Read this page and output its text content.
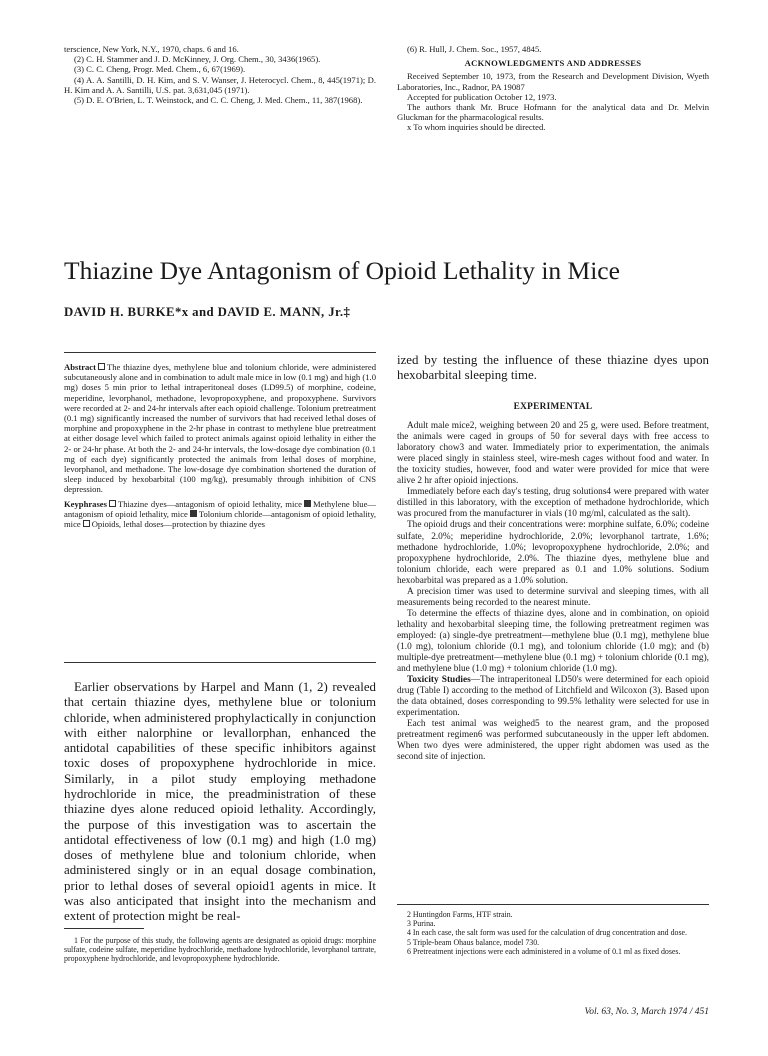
terscience, New York, N.Y., 1970, chaps. 6 and 16.

(2) C. H. Stammer and J. D. McKinney, J. Org. Chem., 30, 3436(1965).

(3) C. C. Cheng, Progr. Med. Chem., 6, 67(1969).

(4) A. A. Santilli, D. H. Kim, and S. V. Wanser, J. Heterocycl. Chem., 8, 445(1971); D. H. Kim and A. A. Santilli, U.S. pat. 3,631,045 (1971).

(5) D. E. O'Brien, L. T. Weinstock, and C. C. Cheng, J. Med. Chem., 11, 387(1968).

(6) R. Hull, J. Chem. Soc., 1957, 4845.

ACKNOWLEDGMENTS AND ADDRESSES

Received September 10, 1973, from the Research and Development Division, Wyeth Laboratories, Inc., Radnor, PA 19087

Accepted for publication October 12, 1973.

The authors thank Mr. Bruce Hofmann for the analytical data and Dr. Melvin Gluckman for the pharmacological results.

x To whom inquiries should be directed.

Thiazine Dye Antagonism of Opioid Lethality in Mice
DAVID H. BURKE*x and DAVID E. MANN, Jr.‡

Abstract The thiazine dyes, methylene blue and tolonium chloride, were administered subcutaneously alone and in combination to adult male mice in low (0.1 mg) and high (1.0 mg) doses 5 min prior to lethal intraperitoneal doses (LD99.5) of morphine, codeine, meperidine, levorphanol, methadone, levopropoxyphene, and propoxyphene. Survivors were recorded at 2- and 24-hr intervals after each opioid challenge. Tolonium pretreatment (0.1 mg) significantly increased the number of survivors that had received lethal doses of morphine and propoxyphene in the 2-hr phase in contrast to methylene blue pretreatment at either dosage level which failed to protect animals against opioid lethality in either the 2- or 24-hr phase. At both the 2- and 24-hr intervals, the low-dosage dye combination (0.1 mg of each dye) significantly protected the animals from lethal doses of morphine, levorphanol, and methadone. The low-dosage dye combination shortened the duration of sleep induced by hexobarbital (100 mg/kg), presumably through inhibition of CNS depression.

Keyphrases Thiazine dyes—antagonism of opioid lethality, mice Methylene blue—antagonism of opioid lethality, mice Tolonium chloride—antagonism of opioid lethality, mice Opioids, lethal doses—protection by thiazine dyes

Earlier observations by Harpel and Mann (1, 2) revealed that certain thiazine dyes, methylene blue or tolonium chloride, when administered prophylactically in conjunction with either nalorphine or levallorphan, enhanced the antidotal capabilities of these specific inhibitors against toxic doses of propoxyphene hydrochloride in mice. Similarly, in a pilot study employing methadone hydrochloride in mice, the preadministration of these thiazine dyes alone reduced opioid lethality. Accordingly, the purpose of this investigation was to ascertain the antidotal effectiveness of low (0.1 mg) and high (1.0 mg) doses of methylene blue and tolonium chloride, when administered singly or in an equal dosage combination, prior to lethal doses of several opioid1 agents in mice. It was also anticipated that insight into the mechanism and extent of protection might be real-

1 For the purpose of this study, the following agents are designated as opioid drugs: morphine sulfate, codeine sulfate, meperidine hydrochloride, methadone hydrochloride, levorphanol tartrate, propoxyphene hydrochloride, and levopropoxyphene hydrochloride.

ized by testing the influence of these thiazine dyes upon hexobarbital sleeping time.

EXPERIMENTAL

Adult male mice2, weighing between 20 and 25 g, were used. Before treatment, the animals were caged in groups of 50 for several days with free access to laboratory chow3 and water. Immediately prior to experimentation, the animals were placed singly in stainless steel, wire-mesh cages without food and water. In the toxicity studies, however, food and water were provided for mice that were alive 2 hr after opioid injections.

Immediately before each day's testing, drug solutions4 were prepared with water distilled in this laboratory, with the exception of methadone hydrochloride, which was procured from the manufacturer in vials (10 mg/ml, calculated as the salt).

The opioid drugs and their concentrations were: morphine sulfate, 6.0%; codeine sulfate, 2.0%; meperidine hydrochloride, 2.0%; levorphanol tartrate, 1.6%; methadone hydrochloride, 1.0%; levopropoxyphene hydrochloride, 2.0%; and propoxyphene hydrochloride, 2.0%. The thiazine dyes, methylene blue and tolonium chloride, each were prepared as 0.1 and 1.0% solutions. Sodium hexobarbital was prepared as a 1.0% solution.

A precision timer was used to determine survival and sleeping times, with all measurements being recorded to the nearest minute.

To determine the effects of thiazine dyes, alone and in combination, on opioid lethality and hexobarbital sleeping time, the following pretreatment regimen was employed: (a) single-dye pretreatment—methylene blue (0.1 mg), methylene blue (1.0 mg), tolonium chloride (0.1 mg), and tolonium chloride (1.0 mg); and (b) multiple-dye pretreatment—methylene blue (0.1 mg) + tolonium chloride (0.1 mg), and methylene blue (1.0 mg) + tolonium chloride (1.0 mg).

Toxicity Studies—The intraperitoneal LD50's were determined for each opioid drug (Table I) according to the method of Litchfield and Wilcoxon (3). Based upon the data obtained, doses corresponding to 99.5% lethality were selected for use in experimentation.

Each test animal was weighed5 to the nearest gram, and the proposed pretreatment regimen6 was performed subcutaneously in the upper left abdomen. When two dyes were administered, the upper right abdomen was used as the second site of injection.

2 Huntingdon Farms, HTF strain.

3 Purina.

4 In each case, the salt form was used for the calculation of drug concentration and dose.

5 Triple-beam Ohaus balance, model 730.

6 Pretreatment injections were each administered in a volume of 0.1 ml as fixed doses.

Vol. 63, No. 3, March 1974 / 451
